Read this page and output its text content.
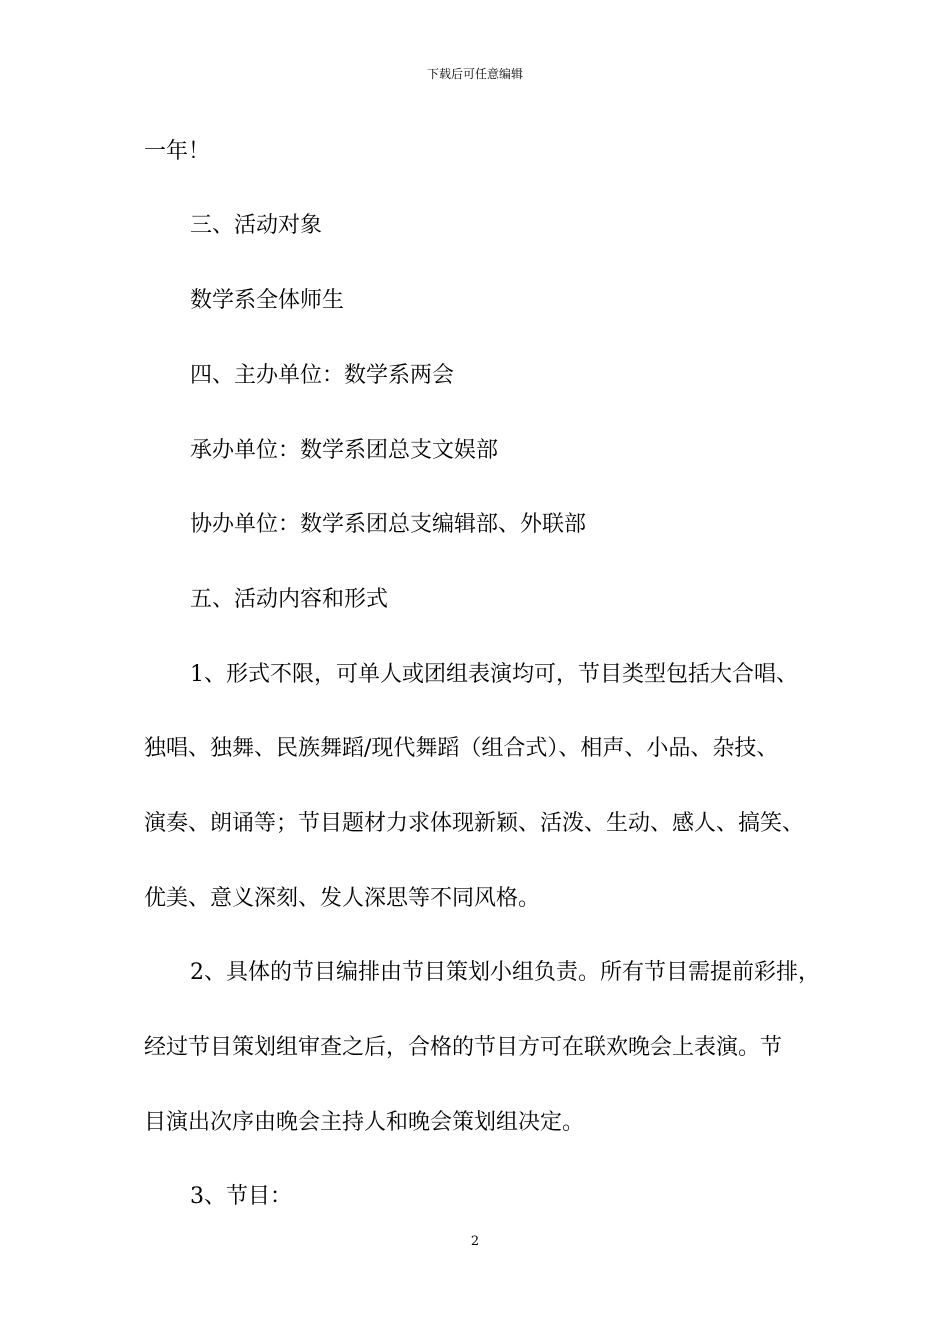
下载后可任意编辑
一年！
三、活动对象
数学系全体师生
四、主办单位：数学系两会
承办单位：数学系团总支文娱部
协办单位：数学系团总支编辑部、外联部
五、活动内容和形式
1、形式不限，可单人或团组表演均可，节目类型包括大合唱、
独唱、独舞、民族舞蹈/现代舞蹈（组合式）、相声、小品、杂技、
演奏、朗诵等；节目题材力求体现新颖、活泼、生动、感人、搞笑、
优美、意义深刻、发人深思等不同风格。
2、具体的节目编排由节目策划小组负责。所有节目需提前彩排，
经过节目策划组审查之后，合格的节目方可在联欢晚会上表演。节
目演出次序由晚会主持人和晚会策划组决定。
3、节目：
2
